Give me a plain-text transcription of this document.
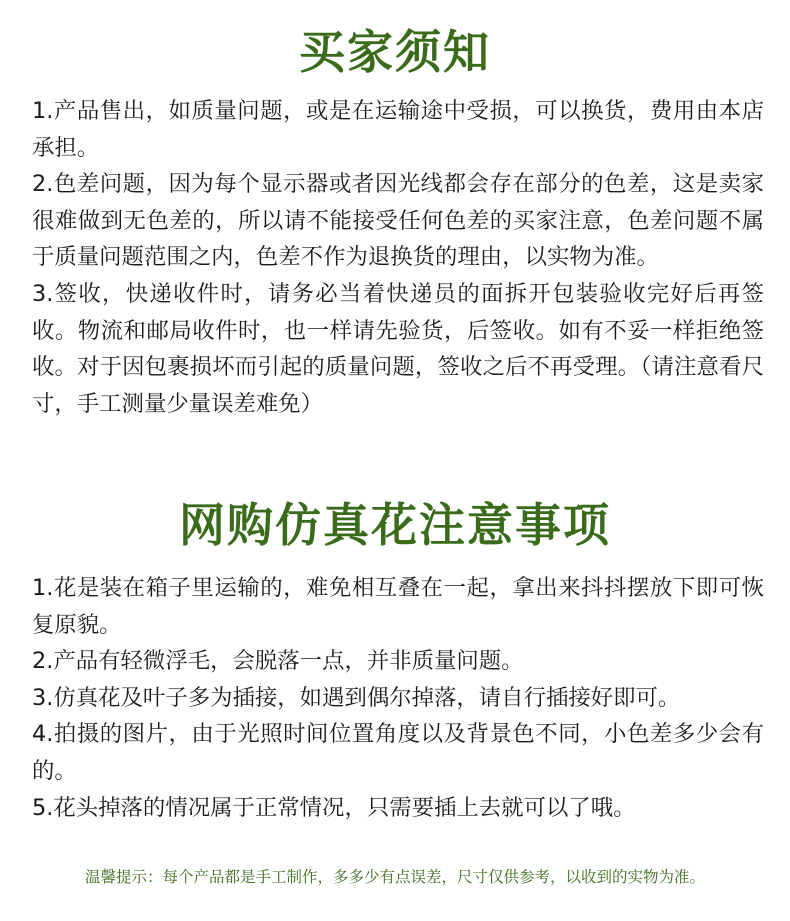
买家须知

1.产品售出，如质量问题，或是在运输途中受损，可以换货，费用由本店承担。

2.色差问题，因为每个显示器或者因光线都会存在部分的色差，这是卖家很难做到无色差的，所以请不能接受任何色差的买家注意，色差问题不属于质量问题范围之内，色差不作为退换货的理由，以实物为准。

3.签收，快递收件时，请务必当着快递员的面拆开包装验收完好后再签收。物流和邮局收件时，也一样请先验货，后签收。如有不妥一样拒绝签收。对于因包裹损坏而引起的质量问题，签收之后不再受理。（请注意看尺寸，手工测量少量误差难免）

网购仿真花注意事项

1.花是装在箱子里运输的，难免相互叠在一起，拿出来抖抖摆放下即可恢复原貌。

2.产品有轻微浮毛，会脱落一点，并非质量问题。

3.仿真花及叶子多为插接，如遇到偶尔掉落，请自行插接好即可。

4.拍摄的图片，由于光照时间位置角度以及背景色不同，小色差多少会有的。

5.花头掉落的情况属于正常情况，只需要插上去就可以了哦。

温馨提示：每个产品都是手工制作，多多少有点误差，尺寸仅供参考，以收到的实物为准。
